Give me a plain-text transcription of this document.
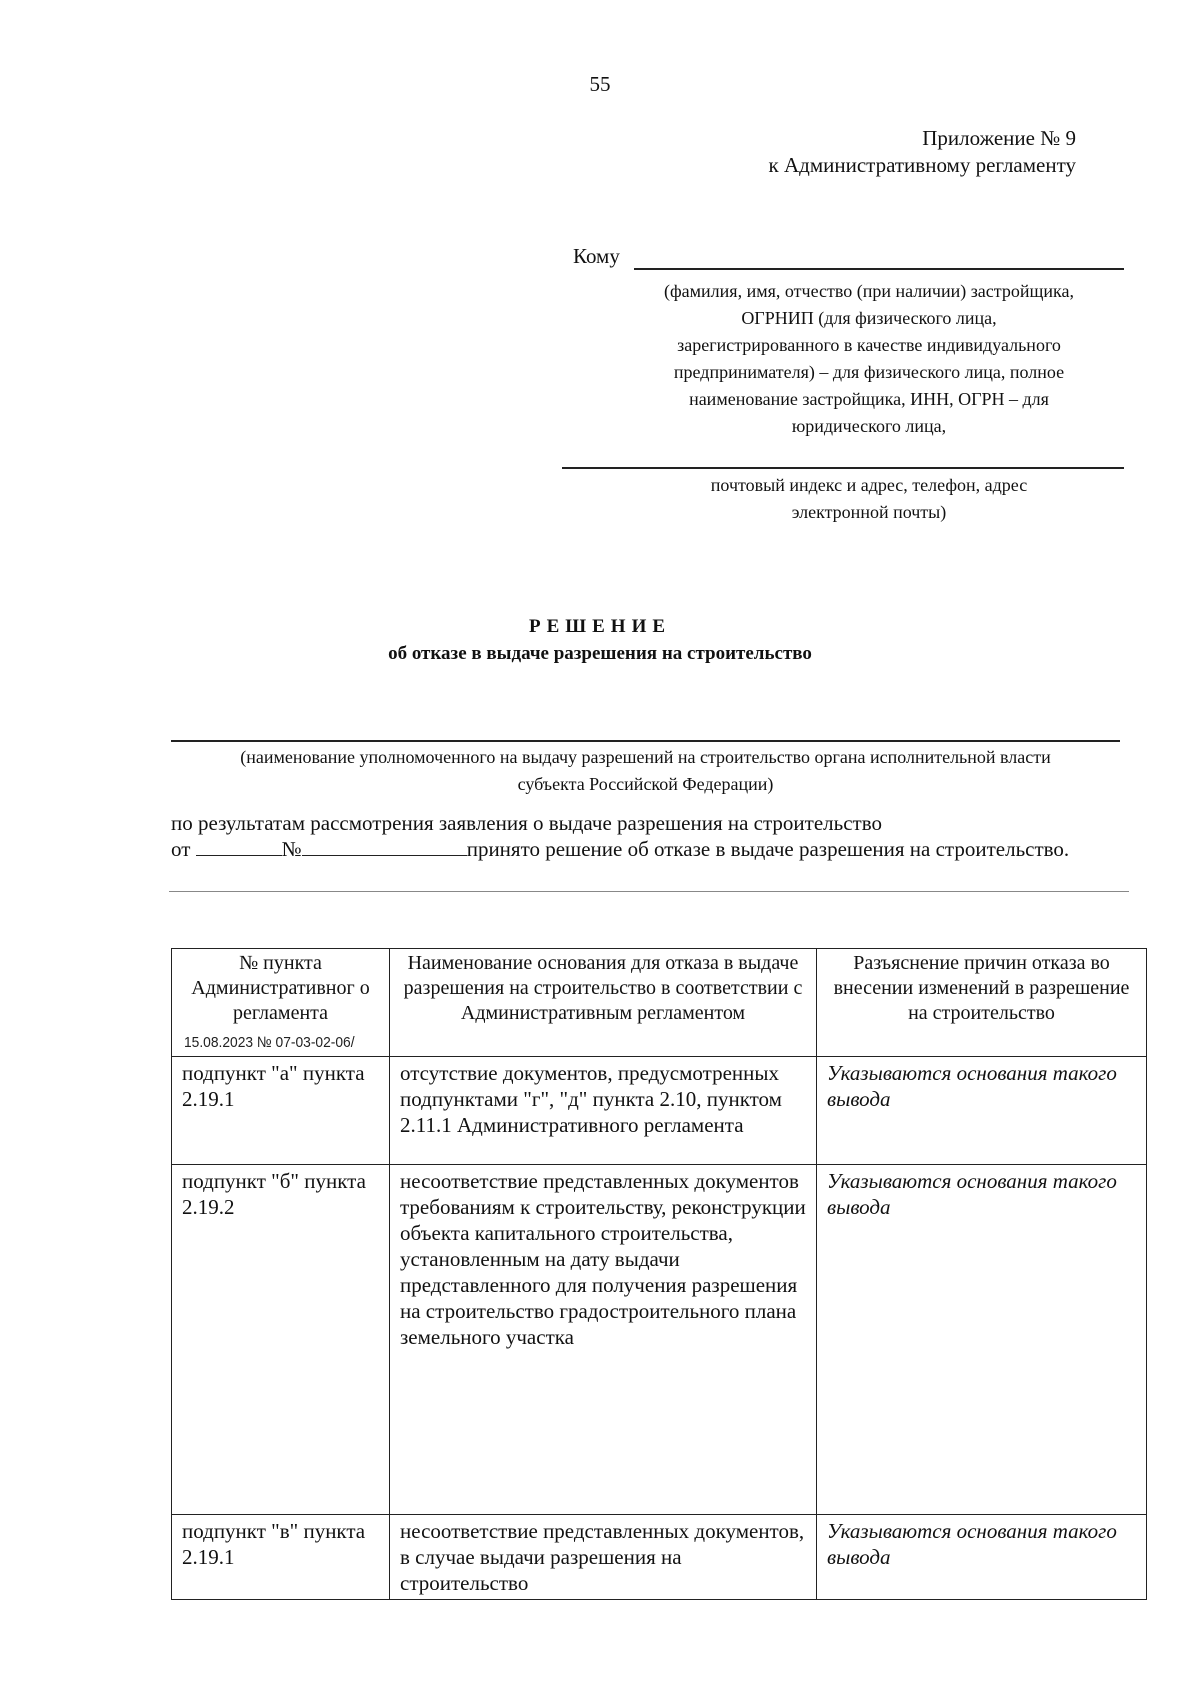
55
Приложение № 9
к Административному регламенту
Кому
(фамилия, имя, отчество (при наличии) застройщика,
ОГРНИП (для физического лица,
зарегистрированного в качестве индивидуального
предпринимателя) – для физического лица, полное
наименование застройщика, ИНН, ОГРН – для
юридического лица,
почтовый индекс и адрес, телефон, адрес
электронной почты)
РЕШЕНИЕ
об отказе в выдаче разрешения на строительство
(наименование уполномоченного на выдачу разрешений на строительство органа исполнительной власти
субъекта Российской Федерации)
по результатам рассмотрения заявления о выдаче разрешения на строительство
от	№	принято решение об отказе в выдаче разрешения на строительство.
№ пункта Административног о регламента
15.08.2023 № 07-03-02-06/	Наименование основания для отказа в выдаче разрешения на строительство в соответствии с Административным регламентом	Разъяснение причин отказа во внесении изменений в разрешение на строительство
подпункт "а" пункта 2.19.1	отсутствие документов, предусмотренных подпунктами "г", "д" пункта 2.10, пунктом 2.11.1 Административного регламента	Указываются основания такого вывода
подпункт "б" пункта 2.19.2	несоответствие представленных документов требованиям к строительству, реконструкции объекта капитального строительства, установленным на дату выдачи представленного для получения разрешения на строительство градостроительного плана земельного участка	Указываются основания такого вывода
подпункт "в" пункта 2.19.1	несоответствие представленных документов, в случае выдачи разрешения на строительство	Указываются основания такого вывода
